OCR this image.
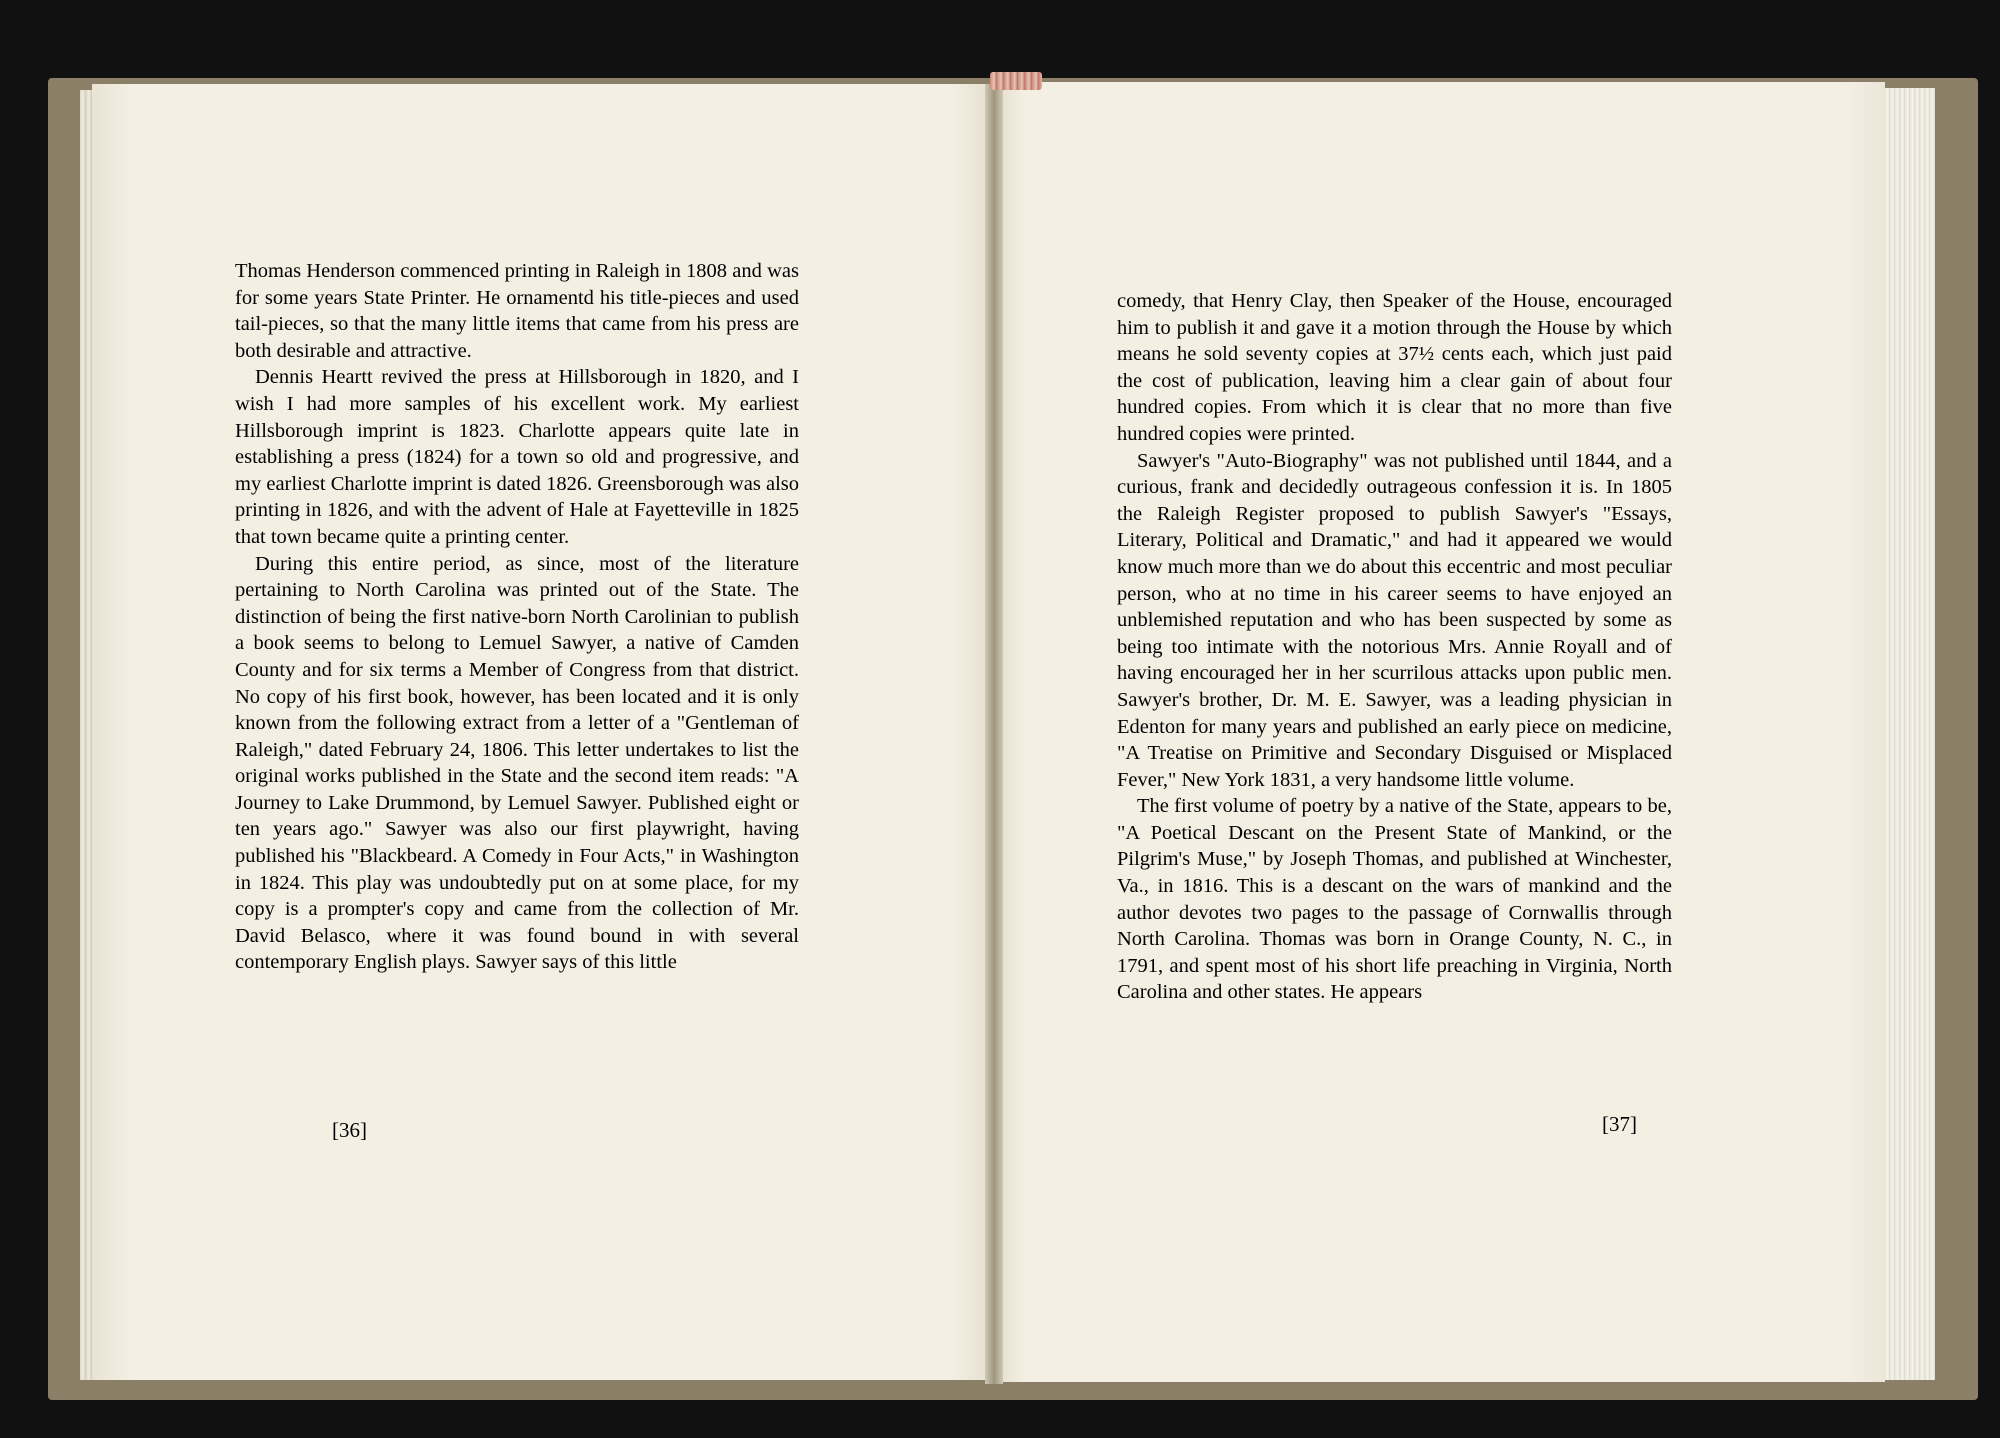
Thomas Henderson commenced printing in Raleigh in 1808 and was for some years State Printer. He ornamentd his title-pieces and used tail-pieces, so that the many little items that came from his press are both desirable and attractive.

Dennis Heartt revived the press at Hillsborough in 1820, and I wish I had more samples of his excellent work. My earliest Hillsborough imprint is 1823. Charlotte appears quite late in establishing a press (1824) for a town so old and progressive, and my earliest Charlotte imprint is dated 1826. Greensborough was also printing in 1826, and with the advent of Hale at Fayetteville in 1825 that town became quite a printing center.

During this entire period, as since, most of the literature pertaining to North Carolina was printed out of the State. The distinction of being the first native-born North Carolinian to publish a book seems to belong to Lemuel Sawyer, a native of Camden County and for six terms a Member of Congress from that district. No copy of his first book, however, has been located and it is only known from the following extract from a letter of a "Gentleman of Raleigh," dated February 24, 1806. This letter undertakes to list the original works published in the State and the second item reads: "A Journey to Lake Drummond, by Lemuel Sawyer. Published eight or ten years ago." Sawyer was also our first playwright, having published his "Blackbeard. A Comedy in Four Acts," in Washington in 1824. This play was undoubtedly put on at some place, for my copy is a prompter's copy and came from the collection of Mr. David Belasco, where it was found bound in with several contemporary English plays. Sawyer says of this little

[36]

comedy, that Henry Clay, then Speaker of the House, encouraged him to publish it and gave it a motion through the House by which means he sold seventy copies at 37½ cents each, which just paid the cost of publication, leaving him a clear gain of about four hundred copies. From which it is clear that no more than five hundred copies were printed.

Sawyer's "Auto-Biography" was not published until 1844, and a curious, frank and decidedly outrageous confession it is. In 1805 the Raleigh Register proposed to publish Sawyer's "Essays, Literary, Political and Dramatic," and had it appeared we would know much more than we do about this eccentric and most peculiar person, who at no time in his career seems to have enjoyed an unblemished reputation and who has been suspected by some as being too intimate with the notorious Mrs. Annie Royall and of having encouraged her in her scurrilous attacks upon public men. Sawyer's brother, Dr. M. E. Sawyer, was a leading physician in Edenton for many years and published an early piece on medicine, "A Treatise on Primitive and Secondary Disguised or Misplaced Fever," New York 1831, a very handsome little volume.

The first volume of poetry by a native of the State, appears to be, "A Poetical Descant on the Present State of Mankind, or the Pilgrim's Muse," by Joseph Thomas, and published at Winchester, Va., in 1816. This is a descant on the wars of mankind and the author devotes two pages to the passage of Cornwallis through North Carolina. Thomas was born in Orange County, N. C., in 1791, and spent most of his short life preaching in Virginia, North Carolina and other states. He appears

[37]
